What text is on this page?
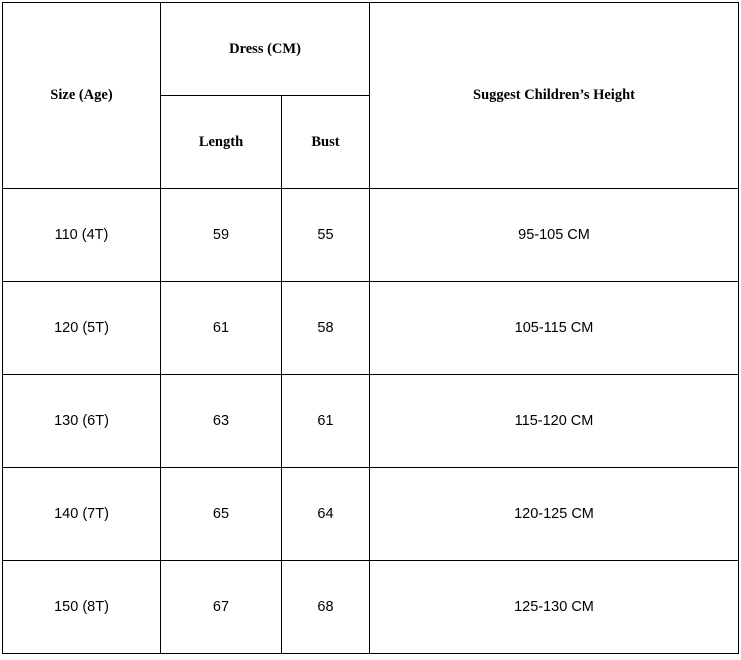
Size (Age)	Dress (CM)		Suggest Children’s Height
	Length	Bust	
110 (4T)	59	55	95-105 CM
120 (5T)	61	58	105-115 CM
130 (6T)	63	61	115-120 CM
140 (7T)	65	64	120-125 CM
150 (8T)	67	68	125-130 CM
